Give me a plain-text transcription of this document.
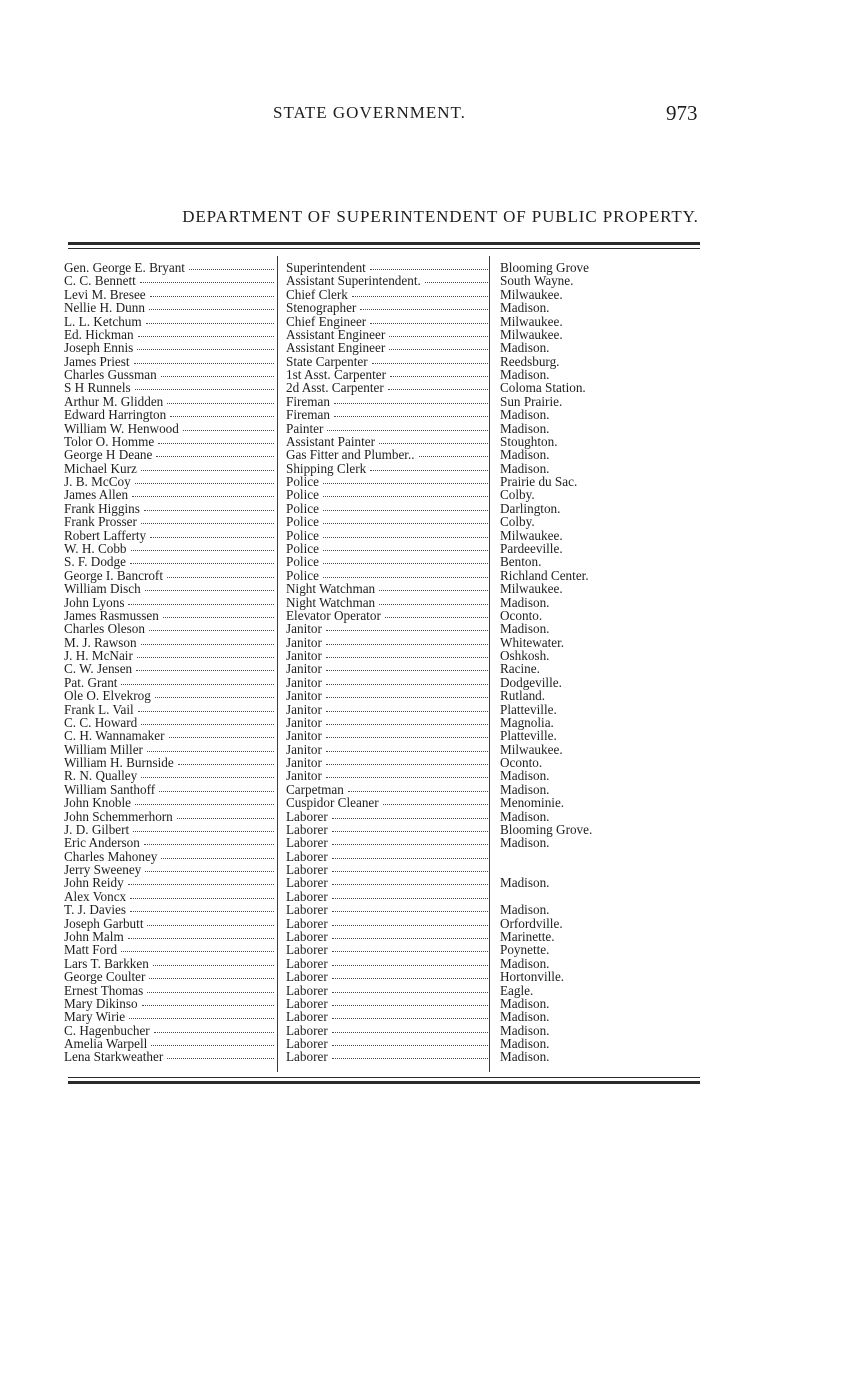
STATE GOVERNMENT.	973
DEPARTMENT OF SUPERINTENDENT OF PUBLIC PROPERTY.
Gen. George E. Bryant	Superintendent	Blooming Grove
C. C. Bennett	Assistant Superintendent.	South Wayne.
Levi M. Bresee	Chief Clerk	Milwaukee.
Nellie H. Dunn	Stenographer	Madison.
L. L. Ketchum	Chief Engineer	Milwaukee.
Ed. Hickman	Assistant Engineer	Milwaukee.
Joseph Ennis	Assistant Engineer	Madison.
James Priest	State Carpenter	Reedsburg.
Charles Gussman	1st Asst. Carpenter	Madison.
S H Runnels	2d Asst. Carpenter	Coloma Station.
Arthur M. Glidden	Fireman	Sun Prairie.
Edward Harrington	Fireman	Madison.
William W. Henwood	Painter	Madison.
Tolor O. Homme	Assistant Painter	Stoughton.
George H Deane	Gas Fitter and Plumber..	Madison.
Michael Kurz	Shipping Clerk	Madison.
J. B. McCoy	Police	Prairie du Sac.
James Allen	Police	Colby.
Frank Higgins	Police	Darlington.
Frank Prosser	Police	Colby.
Robert Lafferty	Police	Milwaukee.
W. H. Cobb	Police	Pardeeville.
S. F. Dodge	Police	Benton.
George I. Bancroft	Police	Richland Center.
William Disch	Night Watchman	Milwaukee.
John Lyons	Night Watchman	Madison.
James Rasmussen	Elevator Operator	Oconto.
Charles Oleson	Janitor	Madison.
M. J. Rawson	Janitor	Whitewater.
J. H. McNair	Janitor	Oshkosh.
C. W. Jensen	Janitor	Racine.
Pat. Grant	Janitor	Dodgeville.
Ole O. Elvekrog	Janitor	Rutland.
Frank L. Vail	Janitor	Platteville.
C. C. Howard	Janitor	Magnolia.
C. H. Wannamaker	Janitor	Platteville.
William Miller	Janitor	Milwaukee.
William H. Burnside	Janitor	Oconto.
R. N. Qualley	Janitor	Madison.
William Santhoff	Carpetman	Madison.
John Knoble	Cuspidor Cleaner	Menominie.
John Schemmerhorn	Laborer	Madison.
J. D. Gilbert	Laborer	Blooming Grove.
Eric Anderson	Laborer	Madison.
Charles Mahoney	Laborer
Jerry Sweeney	Laborer
John Reidy	Laborer	Madison.
Alex Voncx	Laborer
T. J. Davies	Laborer	Madison.
Joseph Garbutt	Laborer	Orfordville.
John Malm	Laborer	Marinette.
Matt Ford	Laborer	Poynette.
Lars T. Barkken	Laborer	Madison.
George Coulter	Laborer	Hortonville.
Ernest Thomas	Laborer	Eagle.
Mary Dikinso	Laborer	Madison.
Mary Wirie	Laborer	Madison.
C. Hagenbucher	Laborer	Madison.
Amelia Warpell	Laborer	Madison.
Lena Starkweather	Laborer	Madison.
